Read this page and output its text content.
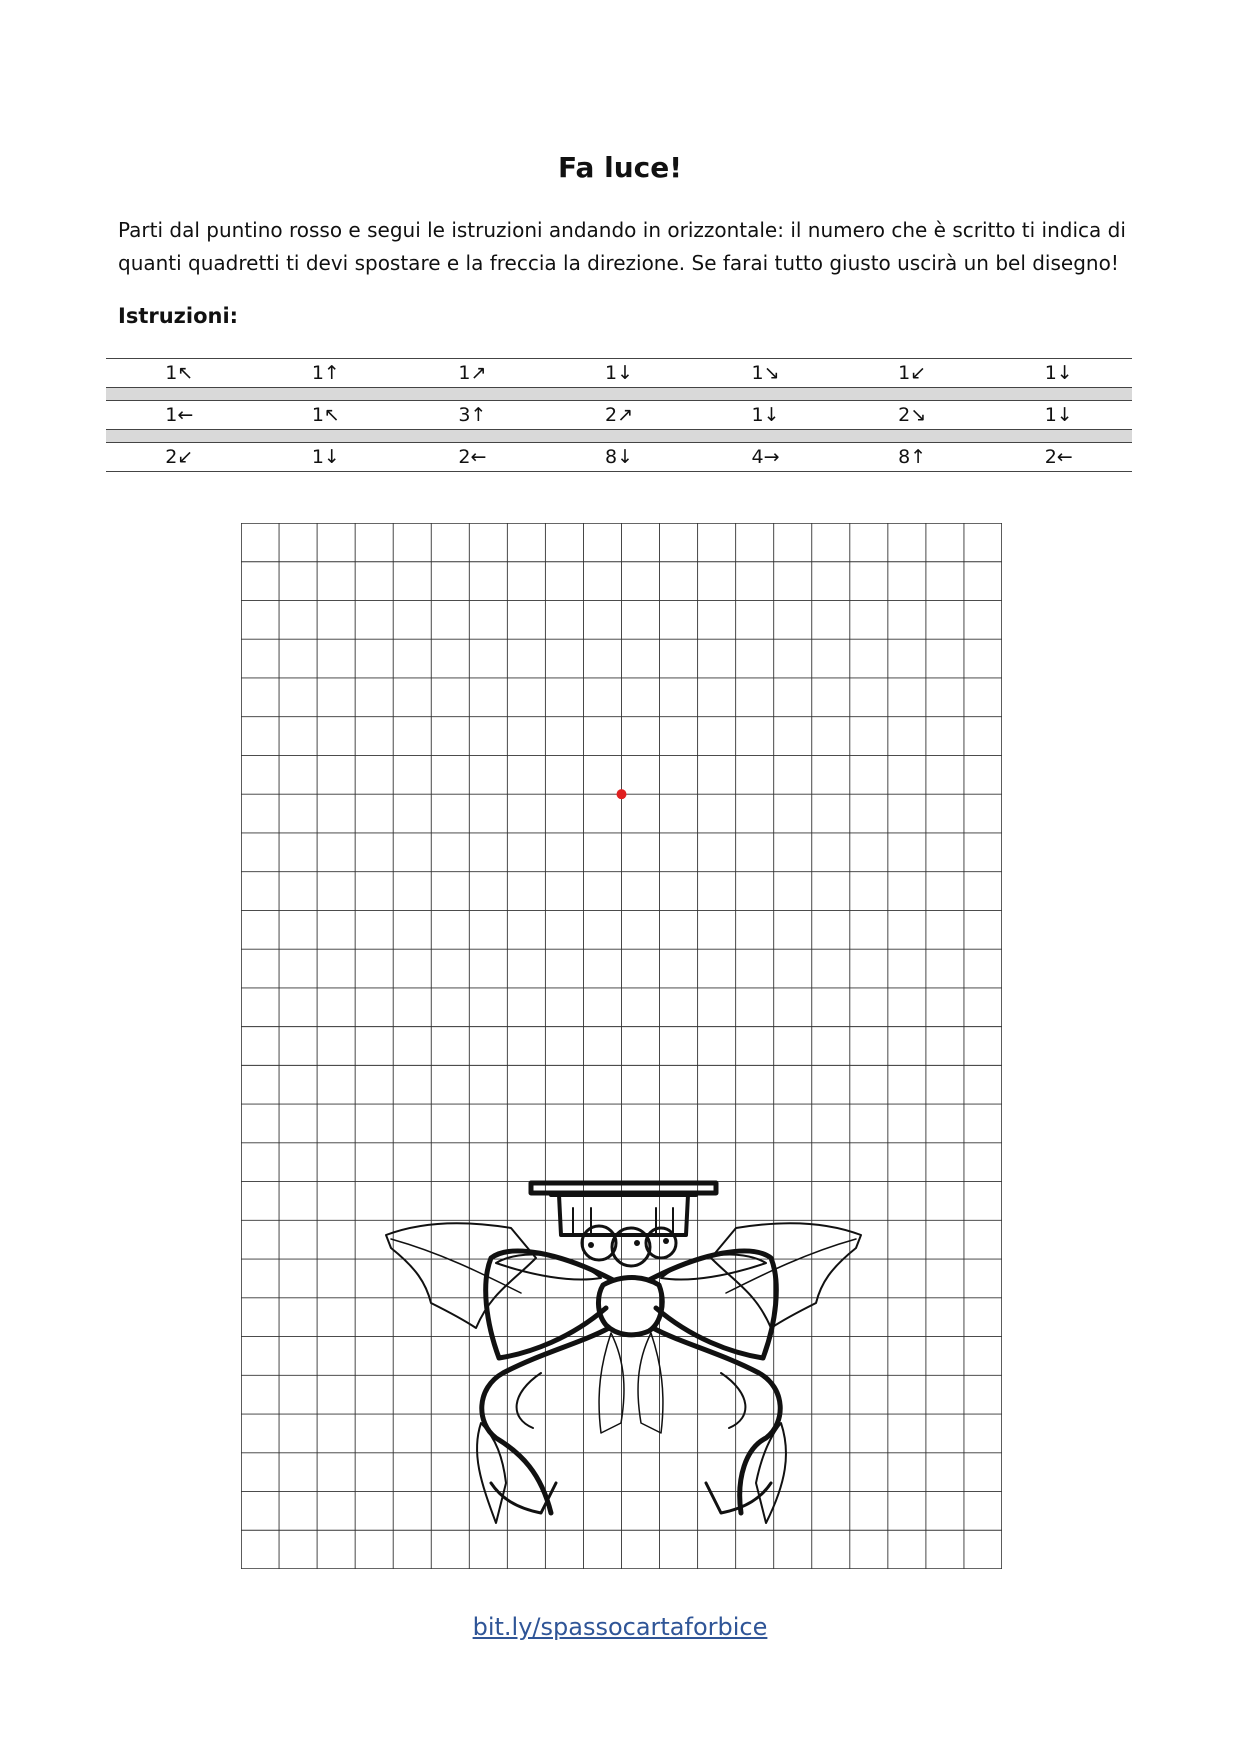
Fa luce!
Parti dal puntino rosso e segui le istruzioni andando in orizzontale: il numero che è scritto ti indica di quanti quadretti ti devi spostare e la freccia la direzione. Se farai tutto giusto uscirà un bel disegno!
Istruzioni:
1↖	1↑	1↗	1↓	1↘	1↙	1↓
1←	1↖	3↑	2↗	1↓	2↘	1↓
2↙	1↓	2←	8↓	4→	8↑	2←
bit.ly/spassocartaforbice
